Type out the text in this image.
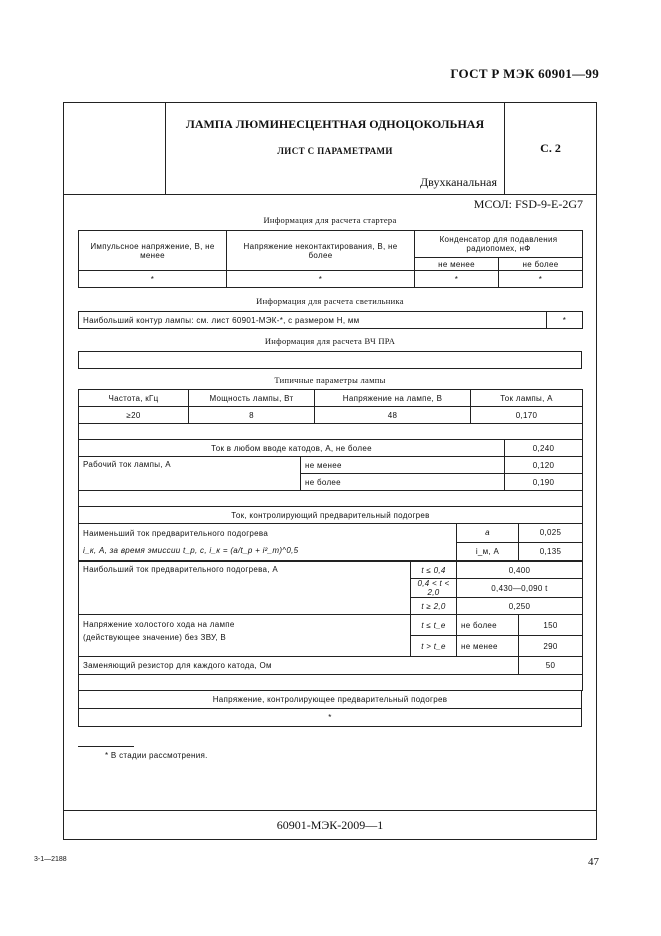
ГОСТ Р МЭК 60901—99
ЛАМПА ЛЮМИНЕСЦЕНТНАЯ ОДНОЦОКОЛЬНАЯ
ЛИСТ С ПАРАМЕТРАМИ	С. 2
Двухканальная
МСОЛ: FSD-9-E-2G7
Информация для расчета стартера
Импульсное напряжение, В, не менее	Напряжение неконтактирования, В, не более	Конденсатор для подавления радиопомех, нФ	
		не менее	не более
*	*	*	*
Информация для расчета светильника
Наибольший контур лампы: см. лист 60901-МЭК-*, с размером H, мм	*
Информация для расчета ВЧ ПРА
Типичные параметры лампы
Частота, кГц	Мощность лампы, Вт	Напряжение на лампе, В	Ток лампы, А
≥20	8	48	0,170

Ток в любом вводе катодов, А, не более		0,240
Рабочий ток лампы, А	не менее	0,120
	не более	0,190

Ток, контролирующий предварительный подогрев		

Наименьший ток предварительного подогрева
i_к, A, за время эмиссии t_p, с, i_к = (a/t_p + i²_m)^0,5	a	0,025
	i_м, А	0,135

Наибольший ток предварительного подогрева, А	t ≤ 0,4	0,400
	0,4 < t < 2,0	0,430—0,090 t
	t ≥ 2,0	0,250
Напряжение холостого хода на лампе
(действующее значение) без ЗВУ, В	t ≤ t_е	не более	150
	t > t_е	не менее	290
Заменяющий резистор для каждого катода, Ом			50

Напряжение, контролирующее предварительный подогрев
*
* В стадии рассмотрения.
60901-МЭК-2009—1
3-1—2188	47
